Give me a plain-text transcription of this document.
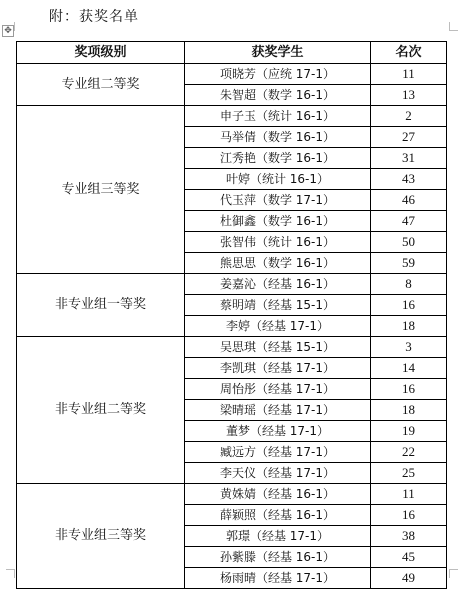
附：获奖名单
✥
奖项级别	获奖学生	名次
专业组二等奖	项晓芳（应统 17-1）	11
	朱智超（数学 16-1）	13
专业组三等奖	申子玉（统计 16-1）	2
	马举倩（数学 16-1）	27
	江秀艳（数学 16-1）	31
	叶婷（统计 16-1）	43
	代玉萍（数学 17-1）	46
	杜御鑫（数学 16-1）	47
	张智伟（统计 16-1）	50
	熊思思（数学 16-1）	59
非专业组一等奖	姜嘉沁（经基 16-1）	8
	蔡明靖（经基 15-1）	16
	李婷（经基 17-1）	18
非专业组二等奖	吴思琪（经基 15-1）	3
	李凯琪（经基 17-1）	14
	周怡彤（经基 17-1）	16
	梁晴瑶（经基 17-1）	18
	董梦（经基 17-1）	19
	臧远方（经基 17-1）	22
	李天仪（经基 17-1）	25
非专业组三等奖	黄姝婧（经基 16-1）	11
	薛颖照（经基 16-1）	16
	郭璟（经基 17-1）	38
	孙紫滕（经基 16-1）	45
	杨雨晴（经基 17-1）	49
